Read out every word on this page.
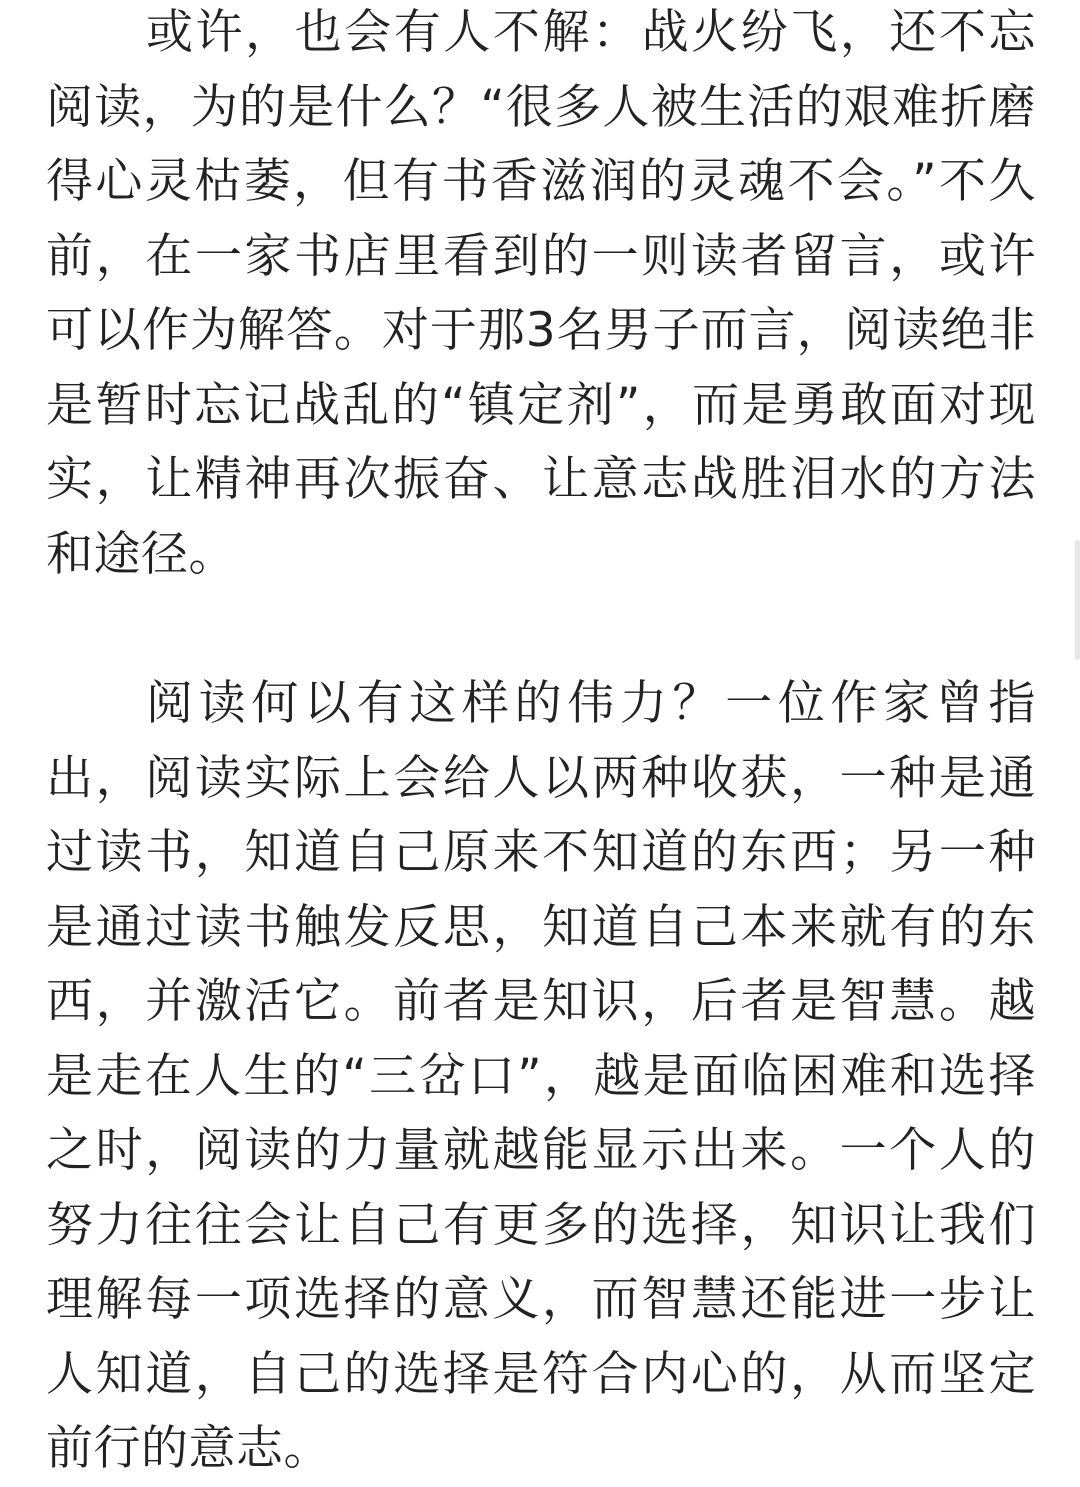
或许，也会有人不解：战火纷飞，还不忘
阅读，为的是什么？“很多人被生活的艰难折磨
得心灵枯萎，但有书香滋润的灵魂不会。”不久
前，在一家书店里看到的一则读者留言，或许
可以作为解答。对于那3名男子而言，阅读绝非
是暂时忘记战乱的“镇定剂”，而是勇敢面对现
实，让精神再次振奋、让意志战胜泪水的方法
和途径。
阅读何以有这样的伟力？一位作家曾指
出，阅读实际上会给人以两种收获，一种是通
过读书，知道自己原来不知道的东西；另一种
是通过读书触发反思，知道自己本来就有的东
西，并激活它。前者是知识，后者是智慧。越
是走在人生的“三岔口”，越是面临困难和选择
之时，阅读的力量就越能显示出来。一个人的
努力往往会让自己有更多的选择，知识让我们
理解每一项选择的意义，而智慧还能进一步让
人知道，自己的选择是符合内心的，从而坚定
前行的意志。
